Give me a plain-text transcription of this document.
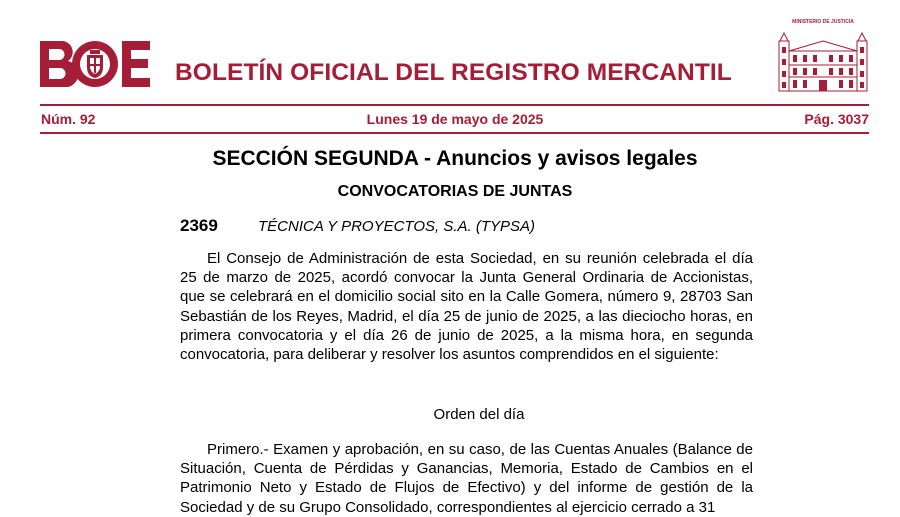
BOLETÍN OFICIAL DEL REGISTRO MERCANTIL
MINISTERIO DE JUSTICIA
Lunes 19 de mayo de 2025
Núm. 92	Pág. 3037
SECCIÓN SEGUNDA - Anuncios y avisos legales
CONVOCATORIAS DE JUNTAS
2369	TÉCNICA Y PROYECTOS, S.A. (TYPSA)

El Consejo de Administración de esta Sociedad, en su reunión celebrada el día 25 de marzo de 2025, acordó convocar la Junta General Ordinaria de Accionistas, que se celebrará en el domicilio social sito en la Calle Gomera, número 9, 28703 San Sebastián de los Reyes, Madrid, el día 25 de junio de 2025, a las dieciocho horas, en primera convocatoria y el día 26 de junio de 2025, a la misma hora, en segunda convocatoria, para deliberar y resolver los asuntos comprendidos en el siguiente:

Orden del día

Primero.- Examen y aprobación, en su caso, de las Cuentas Anuales (Balance de Situación, Cuenta de Pérdidas y Ganancias, Memoria, Estado de Cambios en el Patrimonio Neto y Estado de Flujos de Efectivo) y del informe de gestión de la Sociedad y de su Grupo Consolidado, correspondientes al ejercicio cerrado a 31
